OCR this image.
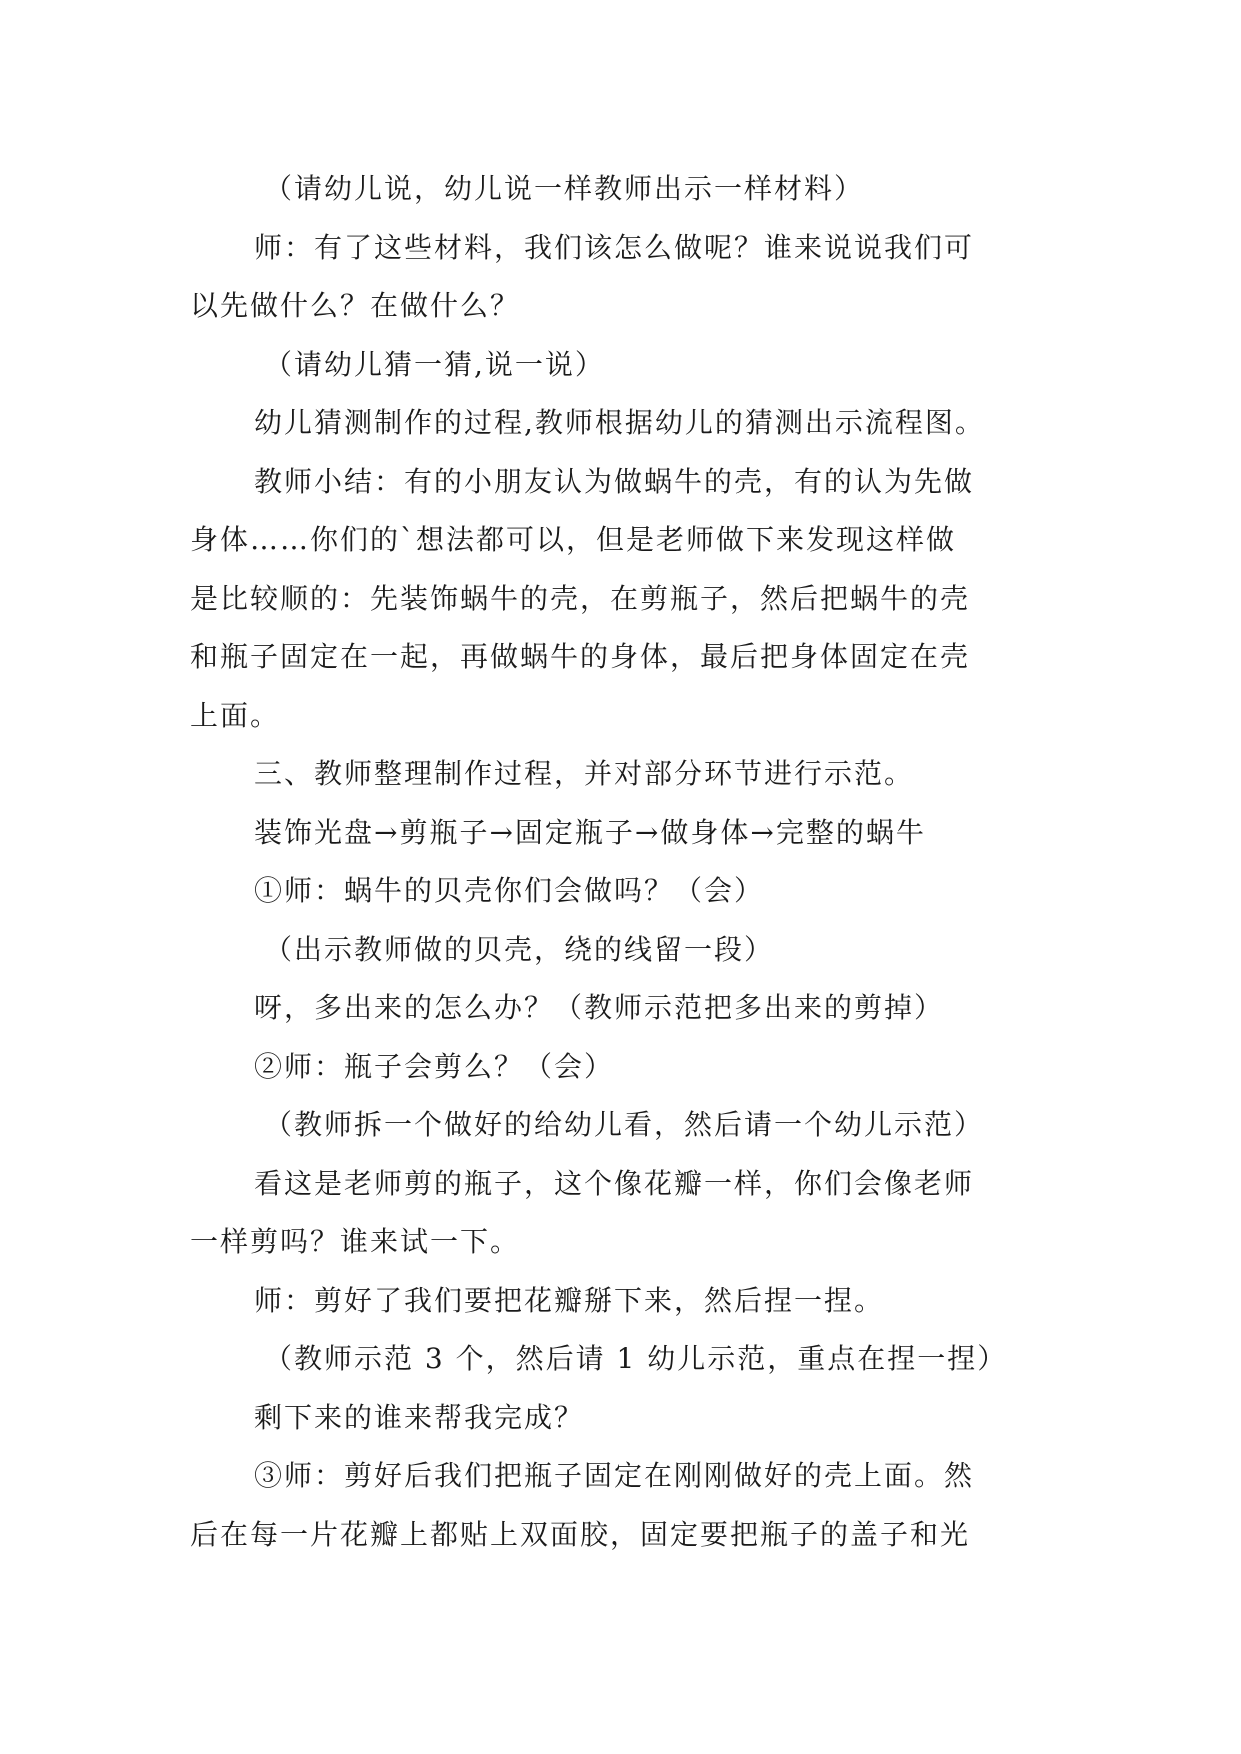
（请幼儿说，幼儿说一样教师出示一样材料）
师：有了这些材料，我们该怎么做呢？谁来说说我们可
以先做什么？在做什么？
（请幼儿猜一猜,说一说）
幼儿猜测制作的过程,教师根据幼儿的猜测出示流程图。
教师小结：有的小朋友认为做蜗牛的壳，有的认为先做
身体……你们的`想法都可以，但是老师做下来发现这样做
是比较顺的：先装饰蜗牛的壳，在剪瓶子，然后把蜗牛的壳
和瓶子固定在一起，再做蜗牛的身体，最后把身体固定在壳
上面。
三、教师整理制作过程，并对部分环节进行示范。
装饰光盘→剪瓶子→固定瓶子→做身体→完整的蜗牛
①师：蜗牛的贝壳你们会做吗？（会）
（出示教师做的贝壳，绕的线留一段）
呀，多出来的怎么办？（教师示范把多出来的剪掉）
②师：瓶子会剪么？（会）
（教师拆一个做好的给幼儿看，然后请一个幼儿示范）
看这是老师剪的瓶子，这个像花瓣一样，你们会像老师
一样剪吗？谁来试一下。
师：剪好了我们要把花瓣掰下来，然后捏一捏。
（教师示范 3 个，然后请 1 幼儿示范，重点在捏一捏）
剩下来的谁来帮我完成？
③师：剪好后我们把瓶子固定在刚刚做好的壳上面。然
后在每一片花瓣上都贴上双面胶，固定要把瓶子的盖子和光
